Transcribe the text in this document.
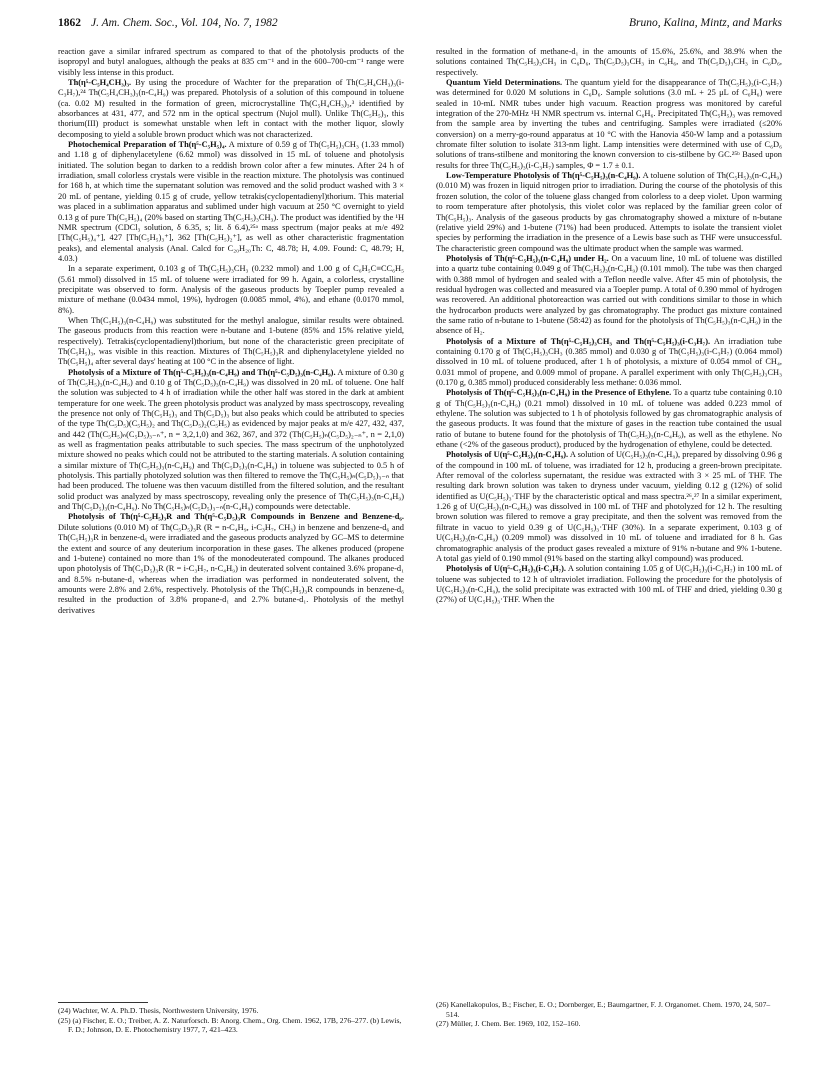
1862 J. Am. Chem. Soc., Vol. 104, No. 7, 1982	Bruno, Kalina, Mintz, and Marks

reaction gave a similar infrared spectrum as compared to that of the photolysis products of the isopropyl and butyl analogues, although the peaks at 835 cm⁻¹ and in the 600–700-cm⁻¹ range were visibly less intense in this product.

Th(η⁵-C₅H₄CH₃)₃. By using the procedure of Wachter for the preparation of Th(C₅H₄CH₃)₃(i-C₃H₇),²⁴ Th(C₅H₄CH₃)₃(n-C₄H₉) was prepared. Photolysis of a solution of this compound in toluene (ca. 0.02 M) resulted in the formation of green, microcrystalline Th(C₅H₄CH₃)₃,³ identified by absorbances at 431, 477, and 572 nm in the optical spectrum (Nujol mull). Unlike Th(C₅H₅)₃, this thorium(III) product is somewhat unstable when left in contact with the mother liquor, slowly decomposing to yield a soluble brown product which was not characterized.

Photochemical Preparation of Th(η⁵-C₅H₅)₄. A mixture of 0.59 g of Th(C₅H₅)₃CH₃ (1.33 mmol) and 1.18 g of diphenylacetylene (6.62 mmol) was dissolved in 15 mL of toluene and photolysis initiated. The solution began to darken to a reddish brown color after a few minutes. After 24 h of irradiation, small colorless crystals were visible in the reaction mixture. The photolysis was continued for 168 h, at which time the supernatant solution was removed and the solid product washed with 3 × 20 mL of pentane, yielding 0.15 g of crude, yellow tetrakis(cyclopentadienyl)thorium. This material was placed in a sublimation apparatus and sublimed under high vacuum at 250 °C overnight to yield 0.13 g of pure Th(C₅H₅)₄ (20% based on starting Th(C₅H₅)₃CH₃). The product was identified by the ¹H NMR spectrum (CDCl₃ solution, δ 6.35, s; lit. δ 6.4),²⁵ᵃ mass spectrum (major peaks at m/e 492 [Th(C₅H₅)₄⁺], 427 [Th(C₅H₅)₃⁺], 362 [Th(C₅H₅)₂⁺], as well as other characteristic fragmentation peaks), and elemental analysis (Anal. Calcd for C₂₀H₂₀Th: C, 48.78; H, 4.09. Found: C, 48.79; H, 4.03.)

In a separate experiment, 0.103 g of Th(C₅H₅)₃CH₃ (0.232 mmol) and 1.00 g of C₆H₅C≡CC₆H₅ (5.61 mmol) dissolved in 15 mL of toluene were irradiated for 99 h. Again, a colorless, crystalline precipitate was observed to form. Analysis of the gaseous products by Toepler pump revealed a mixture of methane (0.0434 mmol, 19%), hydrogen (0.0085 mmol, 4%), and ethane (0.0170 mmol, 8%).

When Th(C₅H₅)₃(n-C₄H₉) was substituted for the methyl analogue, similar results were obtained. The gaseous products from this reaction were n-butane and 1-butene (85% and 15% relative yield, respectively). Tetrakis(cyclopentadienyl)thorium, but none of the characteristic green precipitate of Th(C₅H₅)₃, was visible in this reaction. Mixtures of Th(C₅H₅)₃R and diphenylacetylene yielded no Th(C₅H₅)₄ after several days' heating at 100 °C in the absence of light.

Photolysis of a Mixture of Th(η⁵-C₅H₅)₃(n-C₄H₉) and Th(η⁵-C₅D₅)₃(n-C₄H₉). A mixture of 0.30 g of Th(C₅H₅)₃(n-C₄H₉) and 0.10 g of Th(C₅D₅)₃(n-C₄H₉) was dissolved in 20 mL of toluene. One half the solution was subjected to 4 h of irradiation while the other half was stored in the dark at ambient temperature for one week. The green photolysis product was analyzed by mass spectroscopy, revealing the presence not only of Th(C₅H₅)₃ and Th(C₅D₅)₃ but also peaks which could be attributed to species of the type Th(C₅D₅)(C₅H₅)₂ and Th(C₅D₅)₂(C₅H₅) as evidenced by major peaks at m/e 427, 432, 437, and 442 (Th(C₅H₅)ₙ(C₅D₅)₃₋ₙ⁺, n = 3,2,1,0) and 362, 367, and 372 (Th(C₅H₅)ₙ(C₅D₅)₂₋ₙ⁺, n = 2,1,0) as well as fragmentation peaks attributable to such species. The mass spectrum of the unphotolyzed mixture showed no peaks which could not be attributed to the starting materials. A solution containing a similar mixture of Th(C₅H₅)₃(n-C₄H₉) and Th(C₅D₅)₃(n-C₄H₉) in toluene was subjected to 0.5 h of photolysis. This partially photolyzed solution was then filtered to remove the Th(C₅H₅)ₙ(C₅D₅)₃₋ₙ that had been produced. The toluene was then vacuum distilled from the filtered solution, and the resultant solid product was analyzed by mass spectroscopy, revealing only the presence of Th(C₅H₅)₃(n-C₄H₉) and Th(C₅D₅)₃(n-C₄H₉). No Th(C₅H₅)ₙ(C₅D₅)₃₋ₙ(n-C₄H₉) compounds were detectable.

Photolysis of Th(η⁵-C₅H₅)₃R and Th(η⁵-C₅D₅)₃R Compounds in Benzene and Benzene-d₆. Dilute solutions (0.010 M) of Th(C₅D₅)₃R (R = n-C₄H₉, i-C₃H₇, CH₃) in benzene and benzene-d₆ and Th(C₅H₅)₃R in benzene-d₆ were irradiated and the gaseous products analyzed by GC–MS to determine the extent and source of any deuterium incorporation in these gases. The alkenes produced (propene and 1-butene) contained no more than 1% of the monodeuterated compound. The alkanes produced upon photolysis of Th(C₅D₅)₃R (R = i-C₃H₇, n-C₄H₉) in deuterated solvent contained 3.6% propane-d₁ and 8.5% n-butane-d₁ whereas when the irradiation was performed in nondeuterated solvent, the amounts were 2.8% and 2.6%, respectively. Photolysis of the Th(C₅H₅)₃R compounds in benzene-d₆ resulted in the production of 3.8% propane-d₁ and 2.7% butane-d₁. Photolysis of the methyl derivatives

resulted in the formation of methane-d₁ in the amounts of 15.6%, 25.6%, and 38.9% when the solutions contained Th(C₅H₅)₃CH₃ in C₆D₆, Th(C₅D₅)₃CH₃ in C₆H₆, and Th(C₅D₅)₃CH₃ in C₆D₆, respectively.

Quantum Yield Determinations. The quantum yield for the disappearance of Th(C₅H₅)₃(i-C₃H₇) was determined for 0.020 M solutions in C₆D₆. Sample solutions (3.0 mL + 25 μL of C₆H₆) were sealed in 10-mL NMR tubes under high vacuum. Reaction progress was monitored by careful integration of the 270-MHz ¹H NMR spectrum vs. internal C₆H₆. Precipitated Th(C₅H₅)₃ was removed from the sample area by inverting the tubes and centrifuging. Samples were irradiated (≤20% conversion) on a merry-go-round apparatus at 10 °C with the Hanovia 450-W lamp and a potassium chromate filter solution to isolate 313-nm light. Lamp intensities were determined with use of C₆D₆ solutions of trans-stilbene and monitoring the known conversion to cis-stilbene by GC.²⁵ᵇ Based upon results for three Th(C₅H₅)₃(i-C₃H₇) samples, Φ = 1.7 ± 0.1.

Low-Temperature Photolysis of Th(η⁵-C₅H₅)₃(n-C₄H₉). A toluene solution of Th(C₅H₅)₃(n-C₄H₉) (0.010 M) was frozen in liquid nitrogen prior to irradiation. During the course of the photolysis of this frozen solution, the color of the toluene glass changed from colorless to a deep violet. Upon warming to room temperature after photolysis, this violet color was replaced by the familiar green color of Th(C₅H₅)₃. Analysis of the gaseous products by gas chromatography showed a mixture of n-butane (relative yield 29%) and 1-butene (71%) had been produced. Attempts to isolate the transient violet species by performing the irradiation in the presence of a Lewis base such as THF were unsuccessful. The characteristic green compound was the ultimate product when the sample was warmed.

Photolysis of Th(η⁵-C₅H₅)₃(n-C₄H₉) under H₂. On a vacuum line, 10 mL of toluene was distilled into a quartz tube containing 0.049 g of Th(C₅H₅)₃(n-C₄H₉) (0.101 mmol). The tube was then charged with 0.388 mmol of hydrogen and sealed with a Teflon needle valve. After 45 min of photolysis, the residual hydrogen was collected and measured via a Toepler pump. A total of 0.390 mmol of hydrogen was recovered. An additional photoreaction was carried out with conditions similar to those in which the hydrocarbon products were analyzed by gas chromatography. The product gas mixture contained the same ratio of n-butane to 1-butene (58:42) as found for the photolysis of Th(C₅H₅)₃(n-C₄H₉) in the absence of H₂.

Photolysis of a Mixture of Th(η⁵-C₅H₅)₃CH₃ and Th(η⁵-C₅H₅)₃(i-C₃H₇). An irradiation tube containing 0.170 g of Th(C₅H₅)₃CH₃ (0.385 mmol) and 0.030 g of Th(C₅H₅)₃(i-C₃H₇) (0.064 mmol) dissolved in 10 mL of toluene produced, after 1 h of photolysis, a mixture of 0.054 mmol of CH₄, 0.031 mmol of propene, and 0.009 mmol of propane. A parallel experiment with only Th(C₅H₅)₃CH₃ (0.170 g, 0.385 mmol) produced considerably less methane: 0.036 mmol.

Photolysis of Th(η⁵-C₅H₅)₃(n-C₄H₉) in the Presence of Ethylene. To a quartz tube containing 0.10 g of Th(C₅H₅)₃(n-C₄H₉) (0.21 mmol) dissolved in 10 mL of toluene was added 0.223 mmol of ethylene. The solution was subjected to 1 h of photolysis followed by gas chromatographic analysis of the gaseous products. It was found that the mixture of gases in the reaction tube contained the usual ratio of butane to butene found for the photolysis of Th(C₅H₅)₃(n-C₄H₉), as well as the ethylene. No ethane (<2% of the gaseous product), produced by the hydrogenation of ethylene, could be detected.

Photolysis of U(η⁵-C₅H₅)₃(n-C₄H₉). A solution of U(C₅H₅)₃(n-C₄H₉), prepared by dissolving 0.96 g of the compound in 100 mL of toluene, was irradiated for 12 h, producing a green-brown precipitate. After removal of the colorless supernatant, the residue was extracted with 3 × 25 mL of THF. The resulting dark brown solution was taken to dryness under vacuum, yielding 0.12 g (12%) of solid identified as U(C₅H₅)₃·THF by the characteristic optical and mass spectra.²⁶,²⁷ In a similar experiment, 1.26 g of U(C₅H₅)₃(n-C₄H₉) was dissolved in 100 mL of THF and photolyzed for 12 h. The resulting brown solution was filered to remove a gray precipitate, and then the solvent was removed from the filtrate in vacuo to yield 0.39 g of U(C₅H₅)₃·THF (30%). In a separate experiment, 0.103 g of U(C₅H₅)₃(n-C₄H₉) (0.209 mmol) was dissolved in 10 mL of toluene and irradiated for 8 h. Gas chromatographic analysis of the product gases revealed a mixture of 91% n-butane and 9% 1-butene. A total gas yield of 0.190 mmol (91% based on the starting alkyl compound) was produced.

Photolysis of U(η⁵-C₅H₅)₃(i-C₃H₇). A solution containing 1.05 g of U(C₅H₅)₃(i-C₃H₇) in 100 mL of toluene was subjected to 12 h of ultraviolet irradiation. Following the procedure for the photolysis of U(C₅H₅)₃(n-C₄H₉), the solid precipitate was extracted with 100 mL of THF and dried, yielding 0.30 g (27%) of U(C₅H₅)₃·THF. When the

(24) Wachter, W. A. Ph.D. Thesis, Northwestern University, 1976.

(25) (a) Fischer, E. O.; Treiber, A. Z. Naturforsch. B: Anorg. Chem., Org. Chem. 1962, 17B, 276–277. (b) Lewis, F. D.; Johnson, D. E. Photochemistry 1977, 7, 421–423.

(26) Kanellakopulos, B.; Fischer, E. O.; Dornberger, E.; Baumgartner, F. J. Organomet. Chem. 1970, 24, 507–514.

(27) Müller, J. Chem. Ber. 1969, 102, 152–160.
